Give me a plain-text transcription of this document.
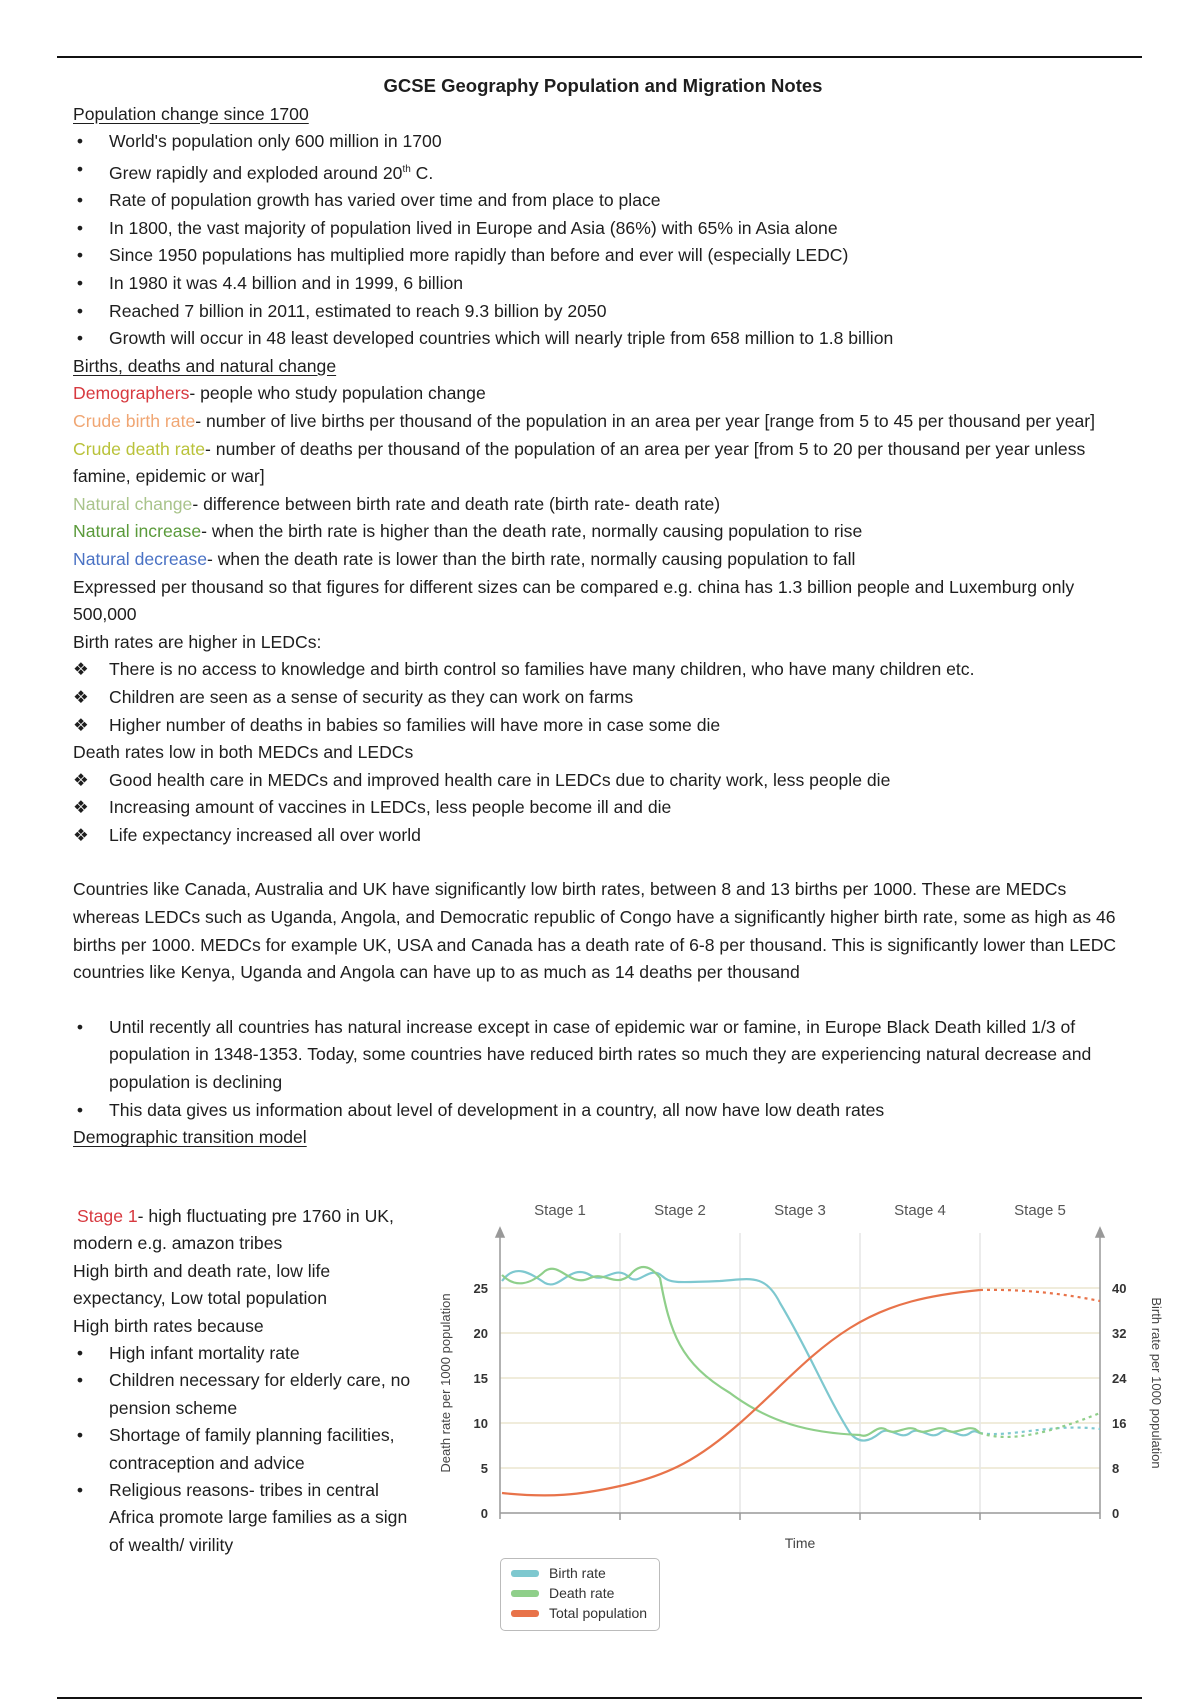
GCSE Geography Population and Migration Notes
Population change since 1700
• World's population only 600 million in 1700
• Grew rapidly and exploded around 20th C.
• Rate of population growth has varied over time and from place to place
• In 1800, the vast majority of population lived in Europe and Asia (86%) with 65% in Asia alone
• Since 1950 populations has multiplied more rapidly than before and ever will (especially LEDC)
• In 1980 it was 4.4 billion and in 1999, 6 billion
• Reached 7 billion in 2011, estimated to reach 9.3 billion by 2050
• Growth will occur in 48 least developed countries which will nearly triple from 658 million to 1.8 billion
Births, deaths and natural change

Demographers- people who study population change

Crude birth rate- number of live births per thousand of the population in an area per year [range from 5 to 45 per thousand per year]

Crude death rate- number of deaths per thousand of the population of an area per year [from 5 to 20 per thousand per year unless famine, epidemic or war]

Natural change- difference between birth rate and death rate (birth rate- death rate)

Natural increase- when the birth rate is higher than the death rate, normally causing population to rise

Natural decrease- when the death rate is lower than the birth rate, normally causing population to fall

Expressed per thousand so that figures for different sizes can be compared e.g. china has 1.3 billion people and Luxemburg only 500,000

Birth rates are higher in LEDCs:

❖ There is no access to knowledge and birth control so families have many children, who have many children etc.
❖ Children are seen as a sense of security as they can work on farms
❖ Higher number of deaths in babies so families will have more in case some die

Death rates low in both MEDCs and LEDCs

❖ Good health care in MEDCs and improved health care in LEDCs due to charity work, less people die
❖ Increasing amount of vaccines in LEDCs, less people become ill and die
❖ Life expectancy increased all over world

Countries like Canada, Australia and UK have significantly low birth rates, between 8 and 13 births per 1000. These are MEDCs whereas LEDCs such as Uganda, Angola, and Democratic republic of Congo have a significantly higher birth rate, some as high as 46 births per 1000. MEDCs for example UK, USA and Canada has a death rate of 6-8 per thousand. This is significantly lower than LEDC countries like Kenya, Uganda and Angola can have up to as much as 14 deaths per thousand

• Until recently all countries has natural increase except in case of epidemic war or famine, in Europe Black Death killed 1/3 of population in 1348-1353. Today, some countries have reduced birth rates so much they are experiencing natural decrease and population is declining
• This data gives us information about level of development in a country, all now have low death rates
Demographic transition model

Stage 1- high fluctuating pre 1760 in UK, modern e.g. amazon tribes

High birth and death rate, low life expectancy, Low total population

High birth rates because

• High infant mortality rate
• Children necessary for elderly care, no pension scheme
• Shortage of family planning facilities, contraception and advice
• Religious reasons- tribes in central Africa promote large families as a sign of wealth/ virility
Stage 1	Stage 2	Stage 3	Stage 4	Stage 5
0
5
10
15
20
25
0
8
16
24
32
40
Death rate per 1000 population	Birth rate per 1000 population
Time
Birth rate
Death rate
Total population
